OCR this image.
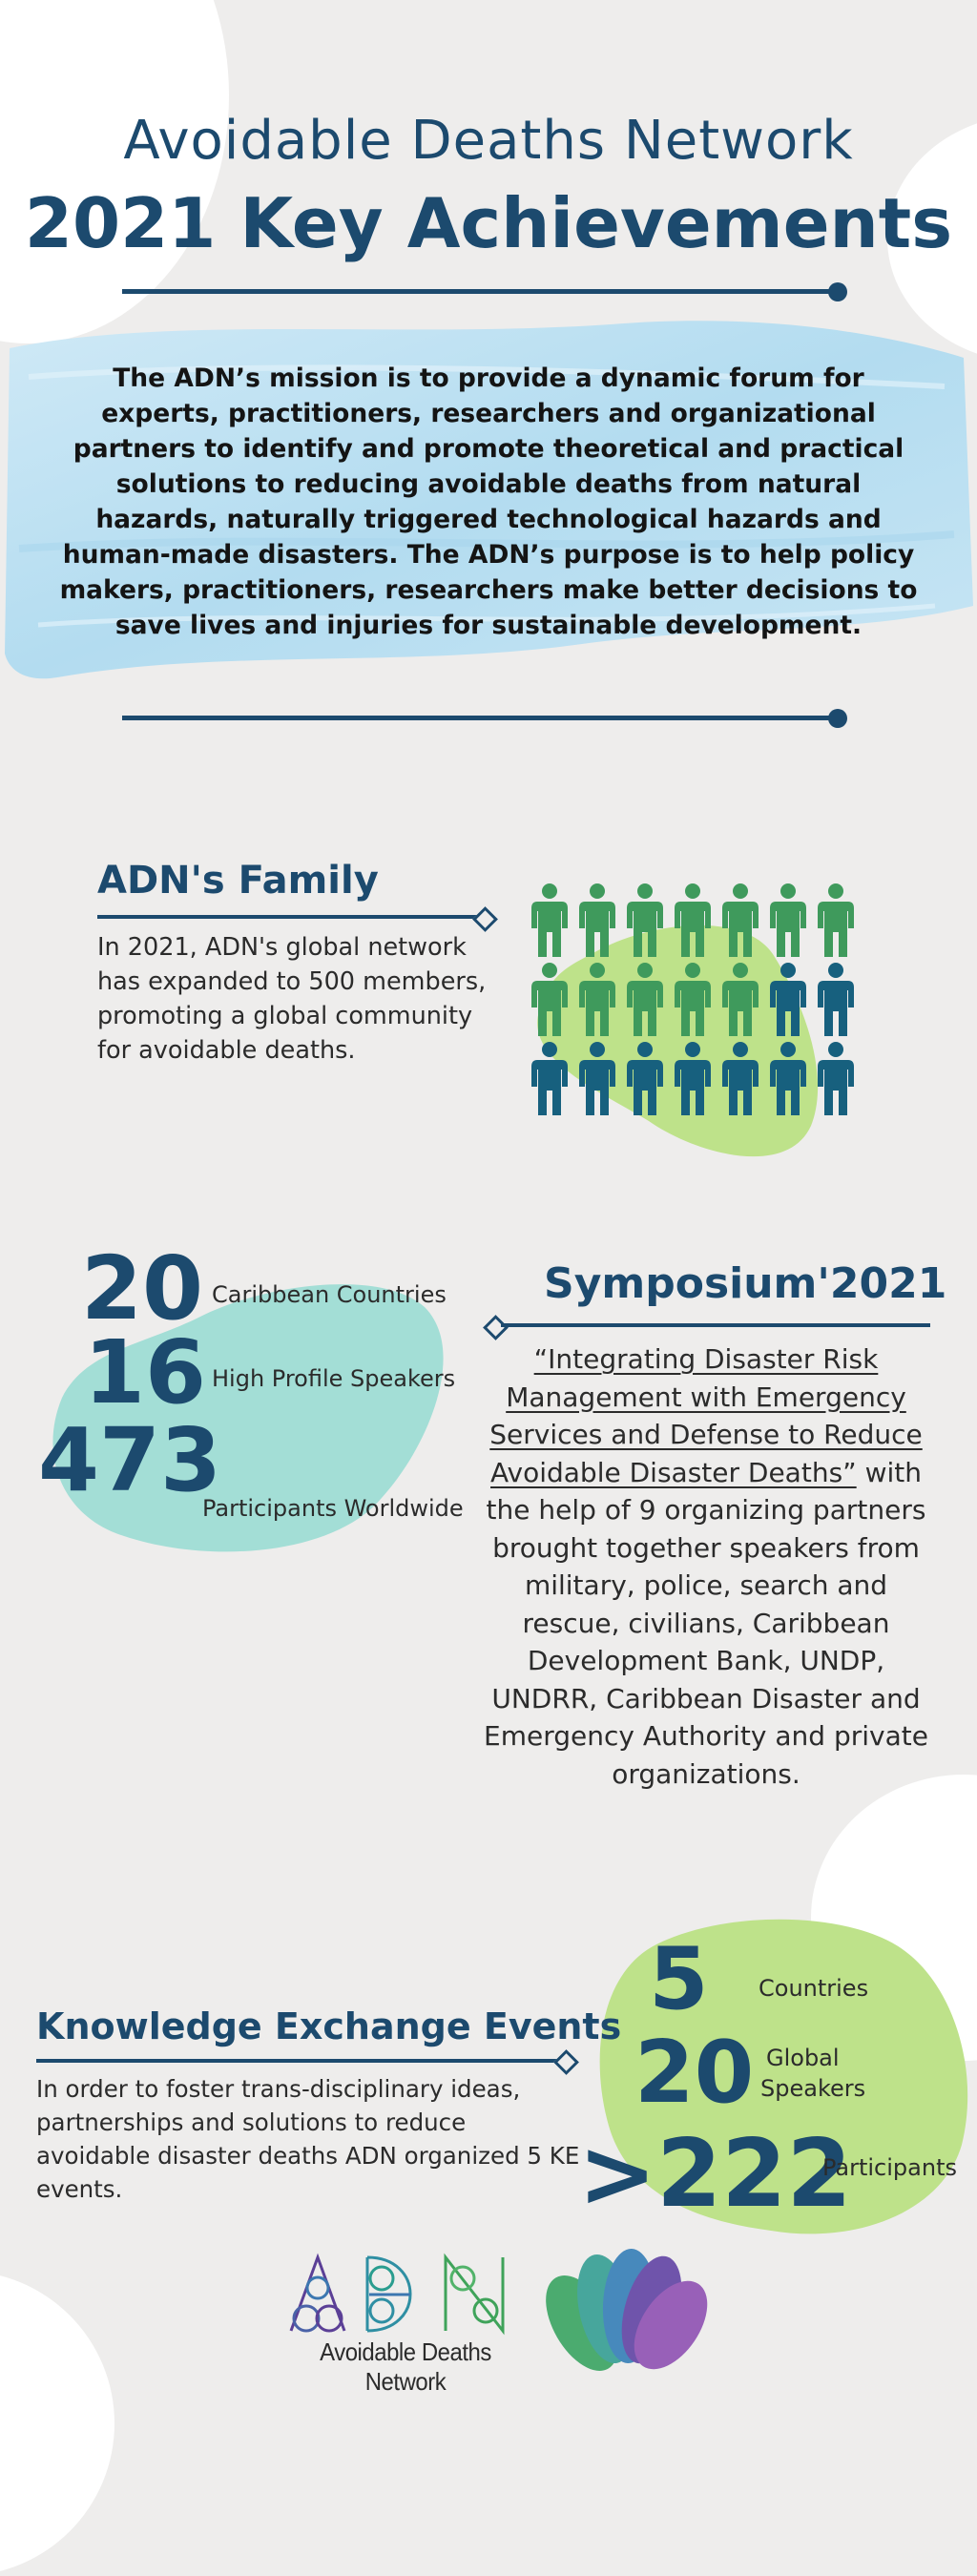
Avoidable Deaths Network
2021 Key Achievements
The ADN’s mission is to provide a dynamic forum for experts, practitioners, researchers and organizational partners to identify and promote theoretical and practical solutions to reducing avoidable deaths from natural hazards, naturally triggered technological hazards and human-made disasters. The ADN’s purpose is to help policy makers, practitioners, researchers make better decisions to save lives and injuries for sustainable development.
ADN's Family
In 2021, ADN's global network has expanded to 500 members, promoting a global community for avoidable deaths.
20 Caribbean Countries
16 High Profile Speakers
473
Participants Worldwide
Symposium'2021
“Integrating Disaster Risk Management with Emergency Services and Defense to Reduce Avoidable Disaster Deaths” with the help of 9 organizing partners brought together speakers from military, police, search and rescue, civilians, Caribbean Development Bank, UNDP, UNDRR, Caribbean Disaster and Emergency Authority and private organizations.
Knowledge Exchange Events
In order to foster trans-disciplinary ideas, partnerships and solutions to reduce avoidable disaster deaths ADN organized 5 KE events.
5 Countries
20 Global
Speakers
>222
Participants
Avoidable Deaths Network
